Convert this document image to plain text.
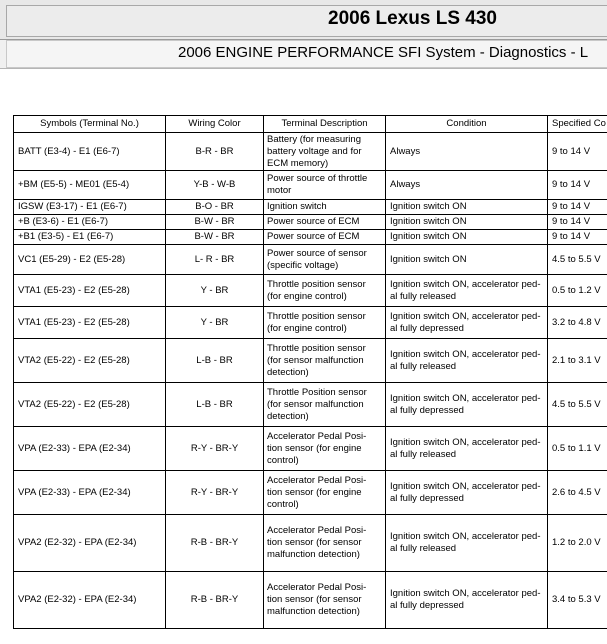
2006 Lexus LS 430
2006 ENGINE PERFORMANCE SFI System - Diagnostics - L
Symbols (Terminal No.)	Wiring Color	Terminal Description	Condition	Specified Co
BATT (E3-4) - E1 (E6-7)	B-R - BR	Battery (for measuring battery voltage and for ECM memory)	Always	9 to 14 V
+BM (E5-5) - ME01 (E5-4)	Y-B - W-B	Power source of throttle motor	Always	9 to 14 V
IGSW (E3-17) - E1 (E6-7)	B-O - BR	Ignition switch	Ignition switch ON	9 to 14 V
+B (E3-6) - E1 (E6-7)	B-W - BR	Power source of ECM	Ignition switch ON	9 to 14 V
+B1 (E3-5) - E1 (E6-7)	B-W - BR	Power source of ECM	Ignition switch ON	9 to 14 V
VC1 (E5-29) - E2 (E5-28)	L- R - BR	Power source of sensor (specific voltage)	Ignition switch ON	4.5 to 5.5 V
VTA1 (E5-23) - E2 (E5-28)	Y - BR	Throttle position sensor (for engine control)	Ignition switch ON, accelerator ped-al fully released	0.5 to 1.2 V
VTA1 (E5-23) - E2 (E5-28)	Y - BR	Throttle position sensor (for engine control)	Ignition switch ON, accelerator ped-al fully depressed	3.2 to 4.8 V
VTA2 (E5-22) - E2 (E5-28)	L-B - BR	Throttle position sensor (for sensor malfunction detection)	Ignition switch ON, accelerator ped-al fully released	2.1 to 3.1 V
VTA2 (E5-22) - E2 (E5-28)	L-B - BR	Throttle Position sensor (for sensor malfunction detection)	Ignition switch ON, accelerator ped-al fully depressed	4.5 to 5.5 V
VPA (E2-33) - EPA (E2-34)	R-Y - BR-Y	Accelerator Pedal Posi-tion sensor (for engine control)	Ignition switch ON, accelerator ped-al fully released	0.5 to 1.1 V
VPA (E2-33) - EPA (E2-34)	R-Y - BR-Y	Accelerator Pedal Posi-tion sensor (for engine control)	Ignition switch ON, accelerator ped-al fully depressed	2.6 to 4.5 V
VPA2 (E2-32) - EPA (E2-34)	R-B - BR-Y	Accelerator Pedal Posi-tion sensor (for sensor malfunction detection)	Ignition switch ON, accelerator ped-al fully released	1.2 to 2.0 V
VPA2 (E2-32) - EPA (E2-34)	R-B - BR-Y	Accelerator Pedal Posi-tion sensor (for sensor malfunction detection)	Ignition switch ON, accelerator ped-al fully depressed	3.4 to 5.3 V
